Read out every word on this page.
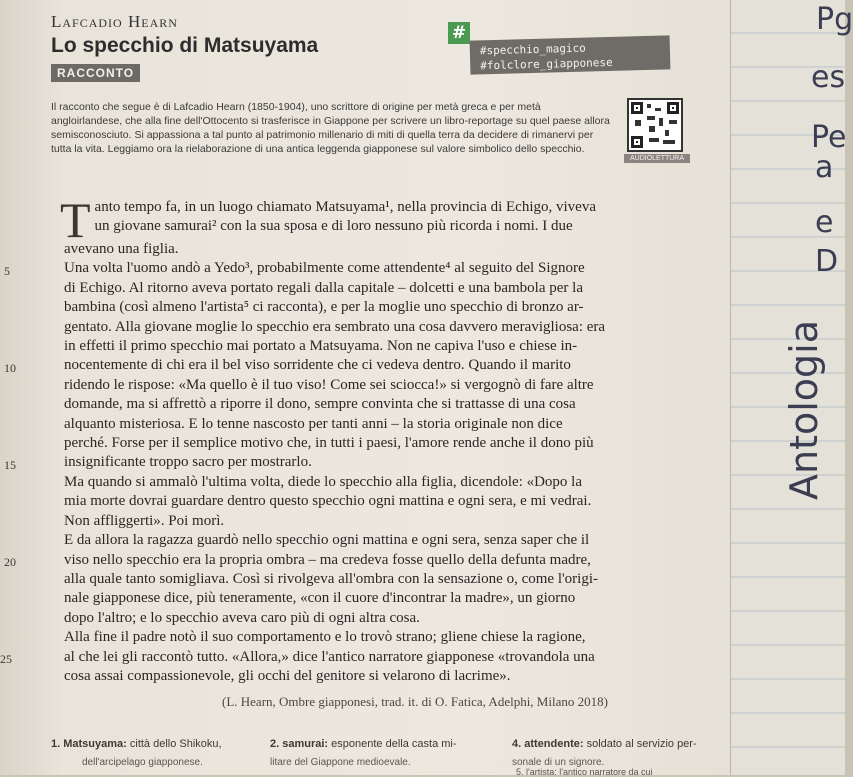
Lafcadio Hearn
Lo specchio di Matsuyama
RACCONTO
#
#specchio_magico
#folclore_giapponese
Il racconto che segue è di Lafcadio Hearn (1850-1904), uno scrittore di origine per metà greca e per metà angloirlandese, che alla fine dell'Ottocento si trasferisce in Giappone per scrivere un libro-reportage su quel paese allora semisconosciuto. Si appassiona a tal punto al patrimonio millenario di miti di quella terra da decidere di rimanervi per tutta la vita. Leggiamo ora la rielaborazione di una antica leggenda giapponese sul valore simbolico dello specchio.
AUDIOLETTURA
T anto tempo fa, in un luogo chiamato Matsuyama¹, nella provincia di Echigo, viveva

un giovane samurai² con la sua sposa e di loro nessuno più ricorda i nomi. I due

avevano una figlia.

Una volta l'uomo andò a Yedo³, probabilmente come attendente⁴ al seguito del Signore

di Echigo. Al ritorno aveva portato regali dalla capitale – dolcetti e una bambola per la

bambina (così almeno l'artista⁵ ci racconta), e per la moglie uno specchio di bronzo ar-

gentato. Alla giovane moglie lo specchio era sembrato una cosa davvero meravigliosa: era

in effetti il primo specchio mai portato a Matsuyama. Non ne capiva l'uso e chiese in-

nocentemente di chi era il bel viso sorridente che ci vedeva dentro. Quando il marito

ridendo le rispose: «Ma quello è il tuo viso! Come sei sciocca!» si vergognò di fare altre

domande, ma si affrettò a riporre il dono, sempre convinta che si trattasse di una cosa

alquanto misteriosa. E lo tenne nascosto per tanti anni – la storia originale non dice

perché. Forse per il semplice motivo che, in tutti i paesi, l'amore rende anche il dono più

insignificante troppo sacro per mostrarlo.

Ma quando si ammalò l'ultima volta, diede lo specchio alla figlia, dicendole: «Dopo la

mia morte dovrai guardare dentro questo specchio ogni mattina e ogni sera, e mi vedrai.

Non affliggerti». Poi morì.

E da allora la ragazza guardò nello specchio ogni mattina e ogni sera, senza saper che il

viso nello specchio era la propria ombra – ma credeva fosse quello della defunta madre,

alla quale tanto somigliava. Così si rivolgeva all'ombra con la sensazione o, come l'origi-

nale giapponese dice, più teneramente, «con il cuore d'incontrar la madre», un giorno

dopo l'altro; e lo specchio aveva caro più di ogni altra cosa.

Alla fine il padre notò il suo comportamento e lo trovò strano; gliene chiese la ragione,

al che lei gli raccontò tutto. «Allora,» dice l'antico narratore giapponese «trovandola una

cosa assai compassionevole, gli occhi del genitore si velarono di lacrime».

5
10
15
20
25
(L. Hearn, Ombre giapponesi, trad. it. di O. Fatica, Adelphi, Milano 2018)
1. Matsuyama: città dello Shikoku,	2. samurai: esponente della casta mi-	4. attendente: soldato al servizio per-
dell'arcipelago giapponese.	litare del Giappone medioevale.	sonale di un signore.
5. l'artista: l'antico narratore da cui
Pg
es
Pe
a
e
D
Antologia
